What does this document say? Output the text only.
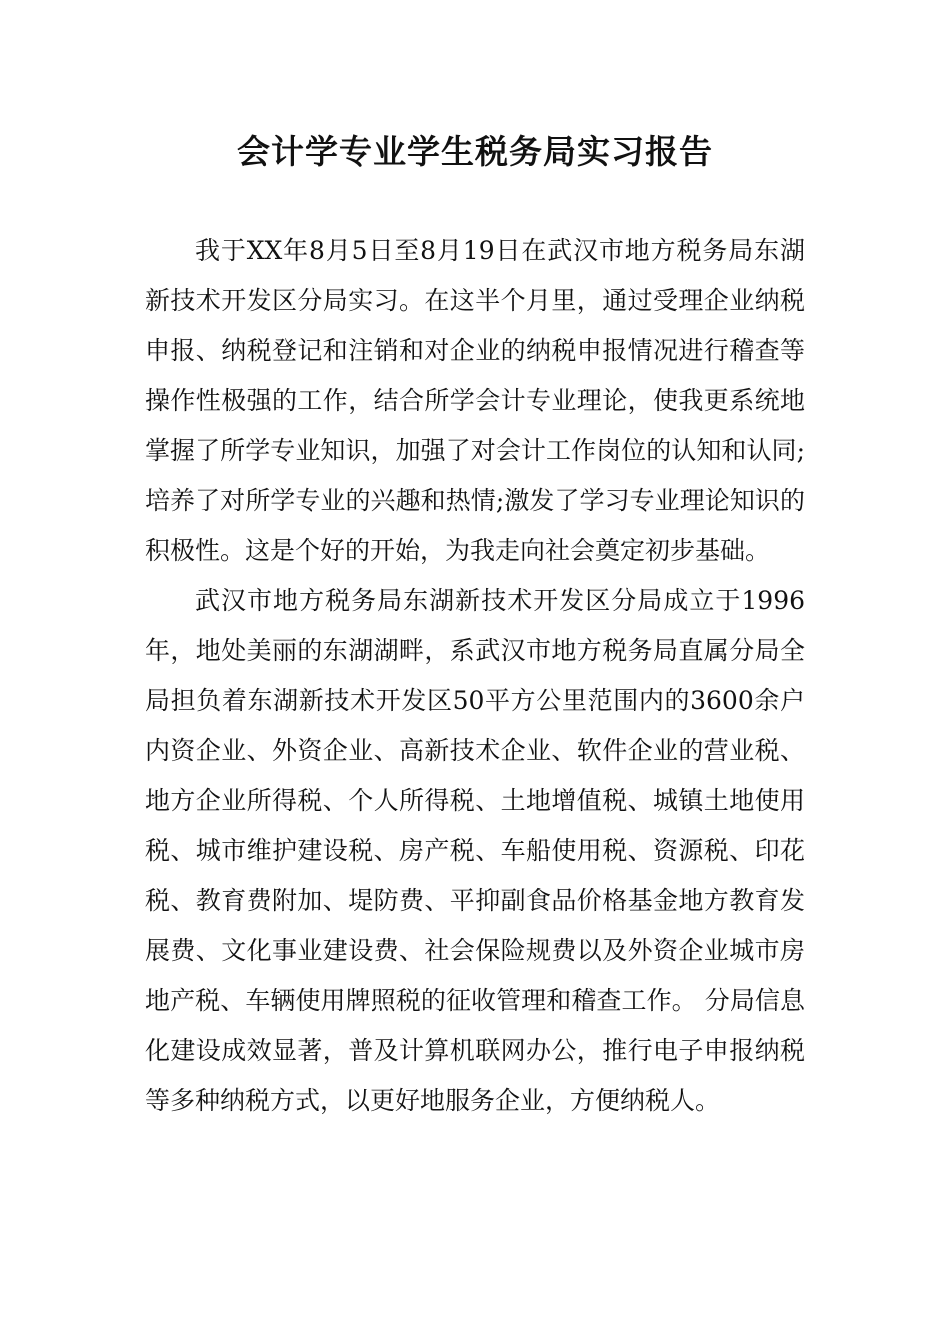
会计学专业学生税务局实习报告

我于XX年8月5日至8月19日在武汉市地方税务局东湖新技术开发区分局实习。在这半个月里，通过受理企业纳税申报、纳税登记和注销和对企业的纳税申报情况进行稽查等操作性极强的工作，结合所学会计专业理论，使我更系统地掌握了所学专业知识，加强了对会计工作岗位的认知和认同;培养了对所学专业的兴趣和热情;激发了学习专业理论知识的积极性。这是个好的开始，为我走向社会奠定初步基础。

武汉市地方税务局东湖新技术开发区分局成立于1996年，地处美丽的东湖湖畔，系武汉市地方税务局直属分局全局担负着东湖新技术开发区50平方公里范围内的3600余户内资企业、外资企业、高新技术企业、软件企业的营业税、地方企业所得税、个人所得税、土地增值税、城镇土地使用税、城市维护建设税、房产税、车船使用税、资源税、印花税、教育费附加、堤防费、平抑副食品价格基金地方教育发展费、文化事业建设费、社会保险规费以及外资企业城市房地产税、车辆使用牌照税的征收管理和稽查工作。 分局信息化建设成效显著，普及计算机联网办公，推行电子申报纳税等多种纳税方式，以更好地服务企业，方便纳税人。
